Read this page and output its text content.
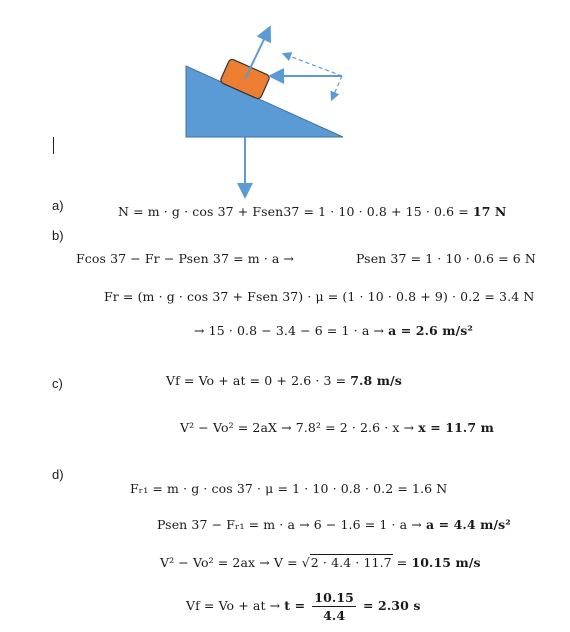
a)
b)
c)
d)
N = m · g · cos 37 + Fsen37 = 1 · 10 · 0.8 + 15 · 0.6 = 17 N
Fcos 37 − Fr − Psen 37 = m · a →	Psen 37 = 1 · 10 · 0.6 = 6 N
Fr = (m · g · cos 37 + Fsen 37) · μ = (1 · 10 · 0.8 + 9) · 0.2 = 3.4 N
→ 15 · 0.8 − 3.4 − 6 = 1 · a → a = 2.6 m/s²
Vf = Vo + at = 0 + 2.6 · 3 = 7.8 m/s
V² − Vo² = 2aX → 7.8² = 2 · 2.6 · x → x = 11.7 m
Fᵣ₁ = m · g · cos 37 · μ = 1 · 10 · 0.8 · 0.2 = 1.6 N
Psen 37 − Fᵣ₁ = m · a → 6 − 1.6 = 1 · a → a = 4.4 m/s²
V² − Vo² = 2ax → V = √2 · 4.4 · 11.7 = 10.15 m/s
Vf = Vo + at → $t = \frac{10.15}{4.4} = 2.30$ s
